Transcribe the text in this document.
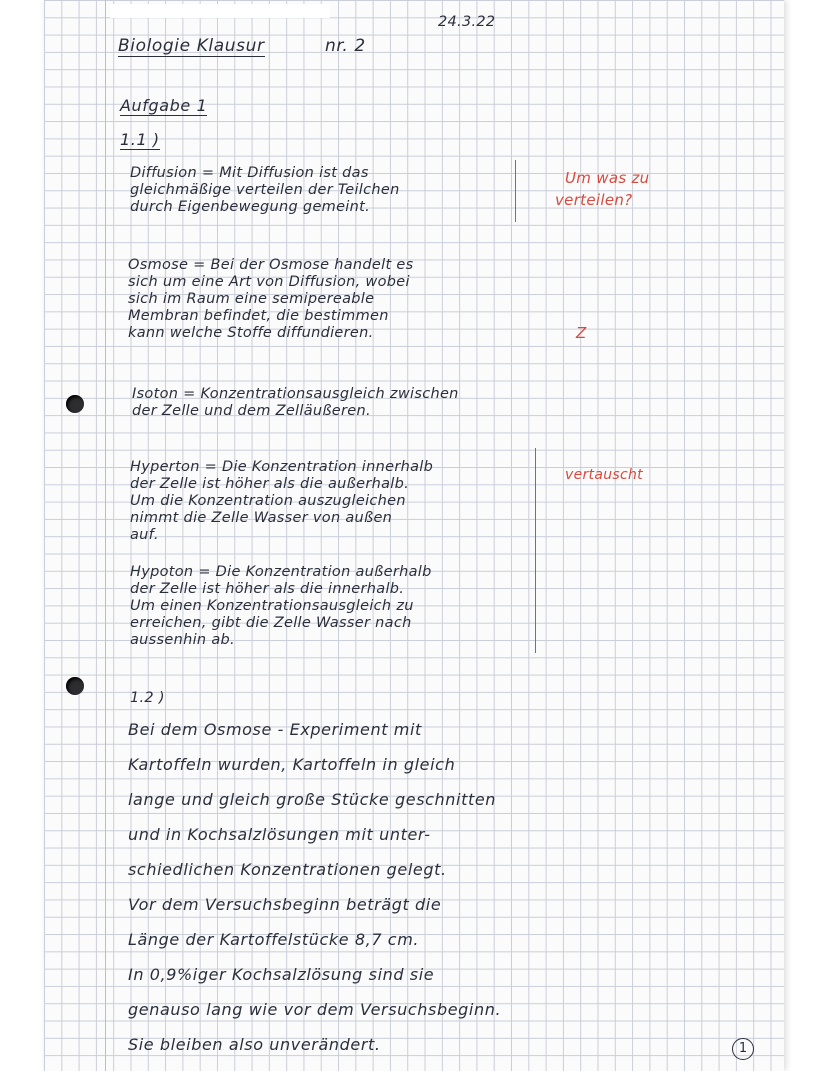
Biologie Klausur	nr. 2

24.3.22

Aufgabe 1

1.1 )

Diffusion = Mit Diffusion ist das

gleichmäßige verteilen der Teilchen

durch Eigenbewegung gemeint.

Osmose = Bei der Osmose handelt es

sich um eine Art von Diffusion, wobei

sich im Raum eine semipereable

Membran befindet, die bestimmen

kann welche Stoffe diffundieren.

Isoton = Konzentrationsausgleich zwischen

der Zelle und dem Zelläußeren.

Hyperton = Die Konzentration innerhalb

der Zelle ist höher als die außerhalb.

Um die Konzentration auszugleichen

nimmt die Zelle Wasser von außen

auf.

Hypoton = Die Konzentration außerhalb

der Zelle ist höher als die innerhalb.

Um einen Konzentrationsausgleich zu

erreichen, gibt die Zelle Wasser nach

aussenhin ab.

1.2 )

Bei dem Osmose - Experiment mit

Kartoffeln wurden, Kartoffeln in gleich

lange und gleich große Stücke geschnitten

und in Kochsalzlösungen mit unter-

schiedlichen Konzentrationen gelegt.

Vor dem Versuchsbeginn beträgt die

Länge der Kartoffelstücke 8,7 cm.

In 0,9%iger Kochsalzlösung sind sie

genauso lang wie vor dem Versuchsbeginn.

Sie bleiben also unverändert.

Um was zu

verteilen?

Z

vertauscht

1
